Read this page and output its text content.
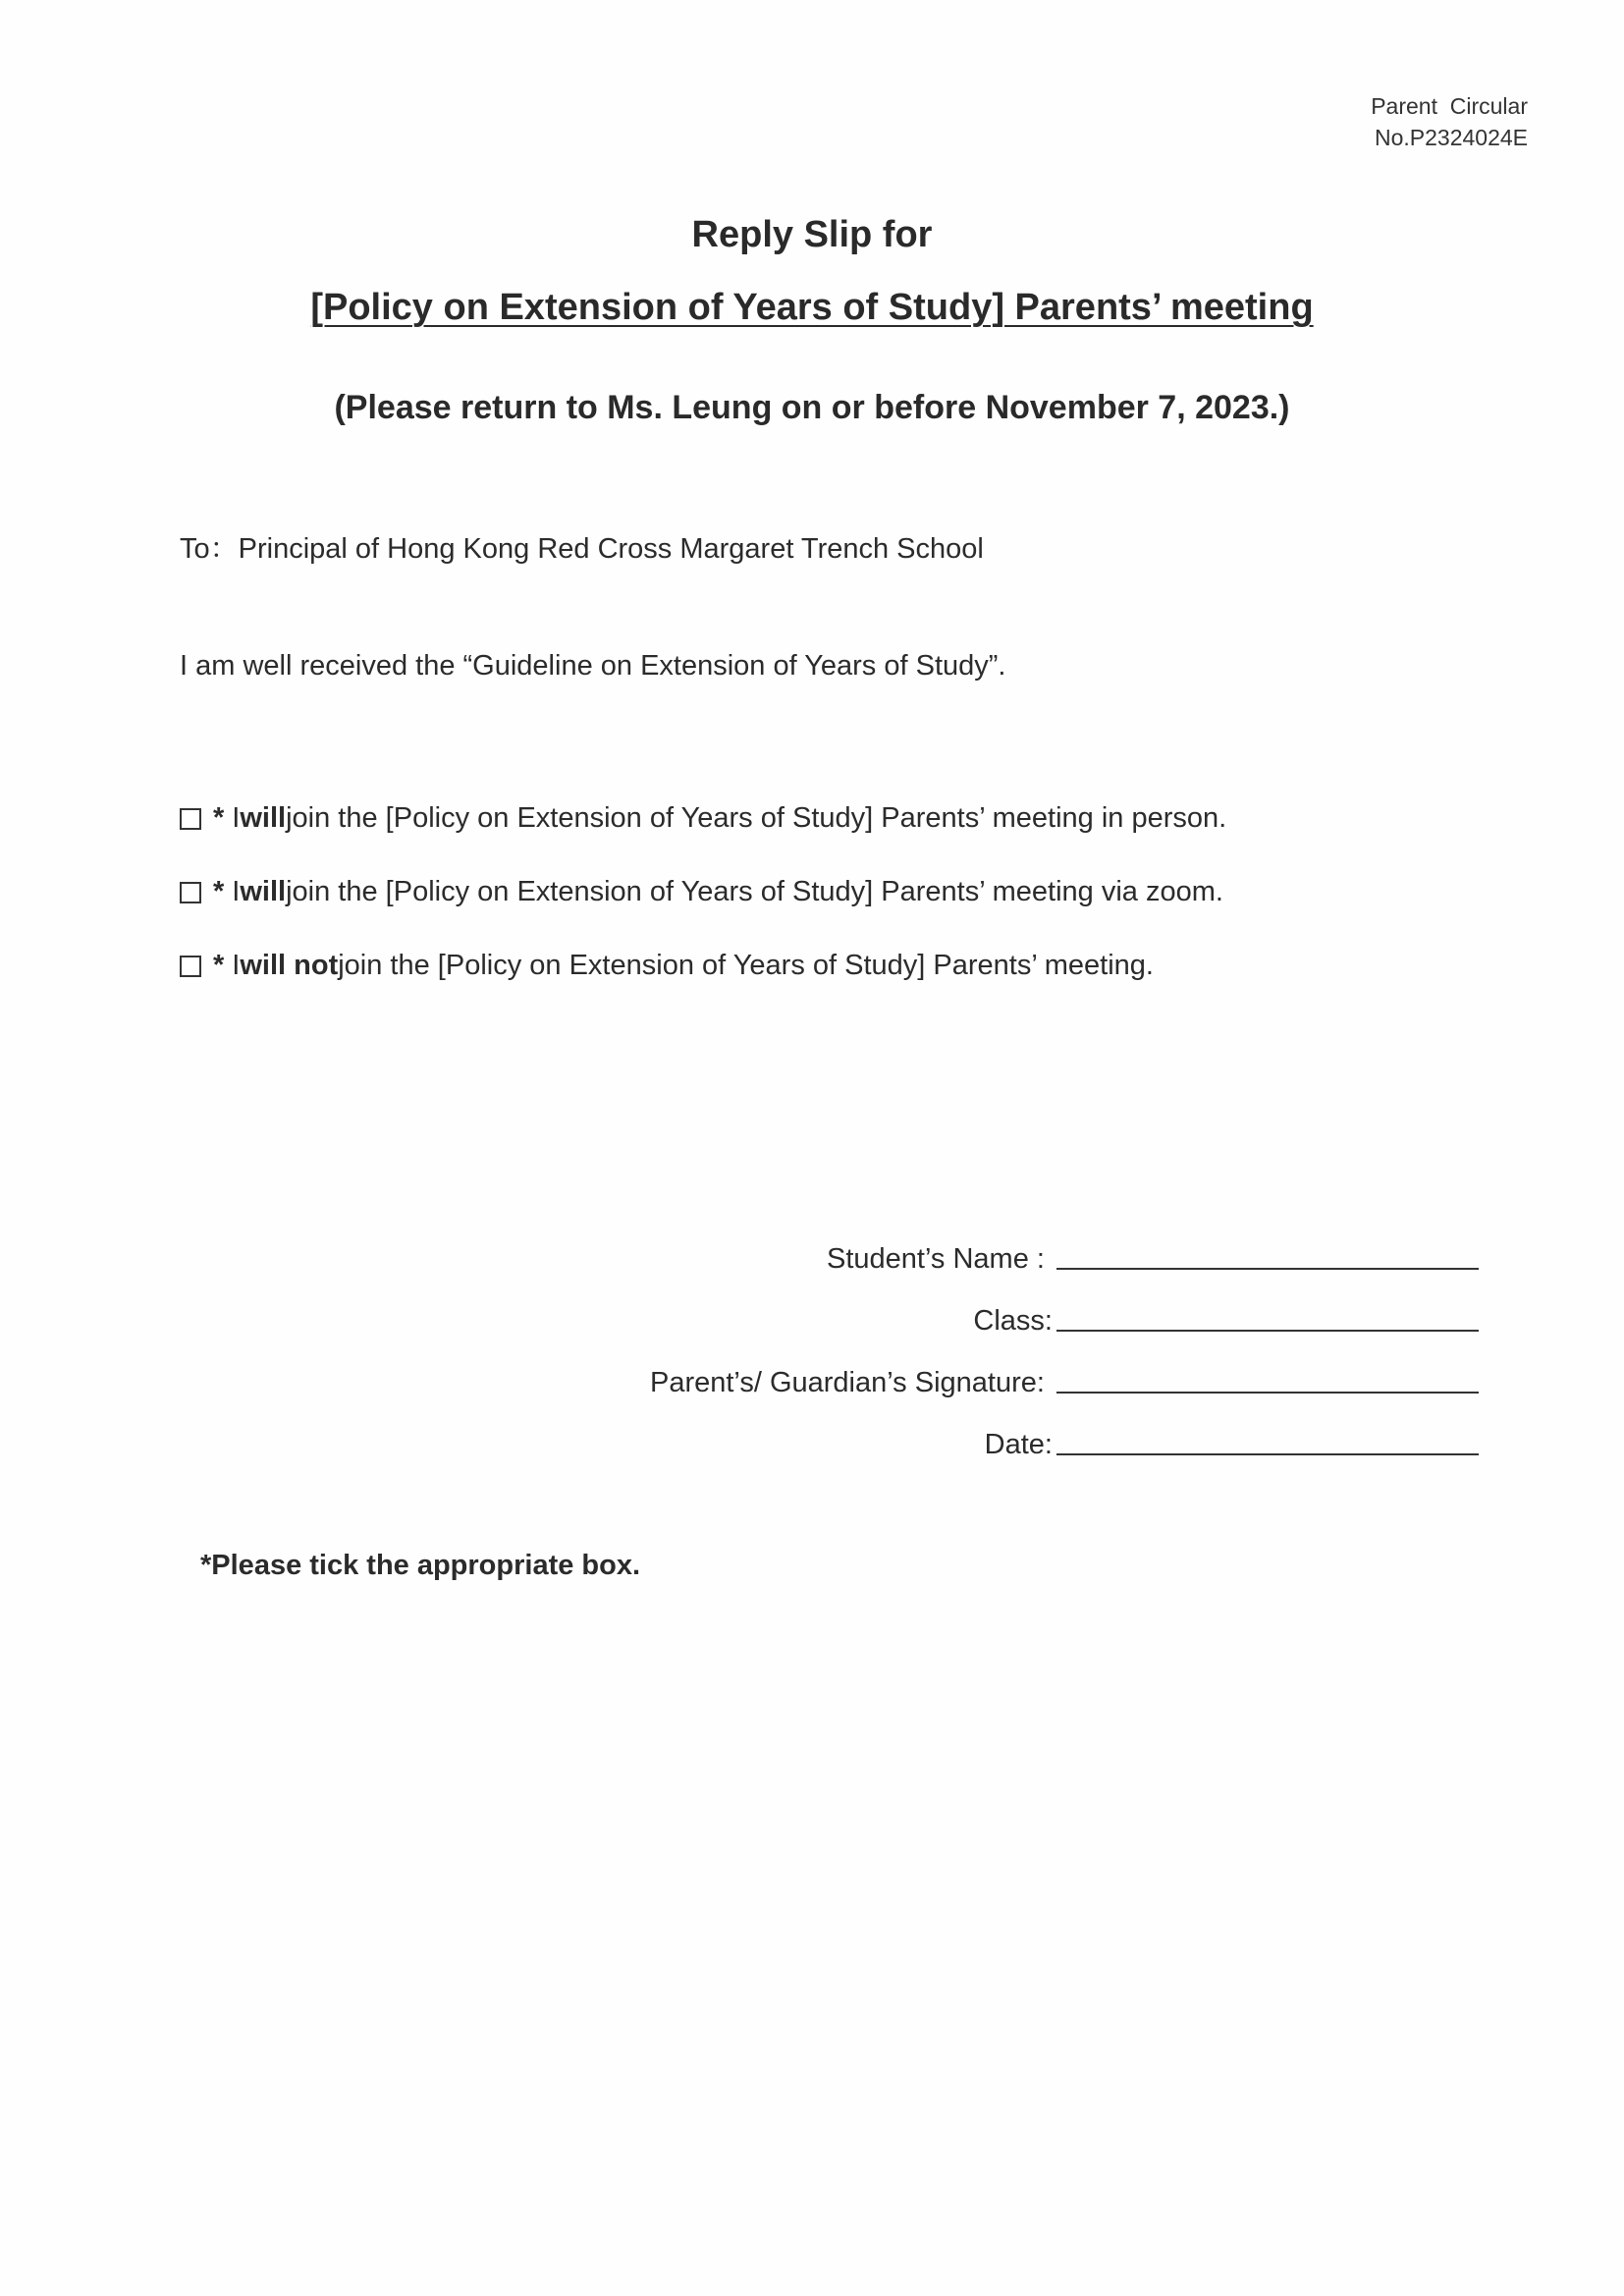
Parent  Circular
No.P2324024E
Reply Slip for
[Policy on Extension of Years of Study] Parents’ meeting
(Please return to Ms. Leung on or before November 7, 2023.)
To：Principal of Hong Kong Red Cross Margaret Trench School
I am well received the “Guideline on Extension of Years of Study”.
* I will join the [Policy on Extension of Years of Study] Parents’ meeting in person.
* I will join the [Policy on Extension of Years of Study] Parents’ meeting via zoom.
* I will not join the [Policy on Extension of Years of Study] Parents’ meeting.
Student’s Name :
Class:
Parent’s/ Guardian’s Signature:
Date:
*Please tick the appropriate box.
